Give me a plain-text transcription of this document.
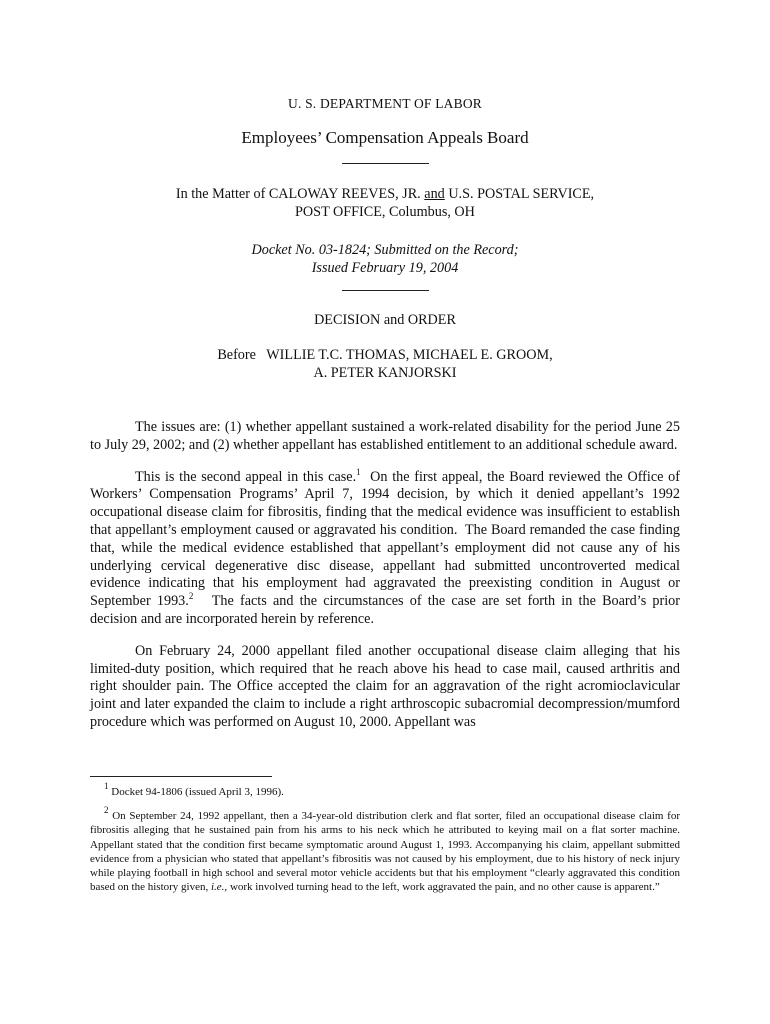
U. S. DEPARTMENT OF LABOR
Employees’ Compensation Appeals Board
In the Matter of CALOWAY REEVES, JR. and U.S. POSTAL SERVICE,
POST OFFICE, Columbus, OH
Docket No. 03-1824; Submitted on the Record;
Issued February 19, 2004
DECISION and ORDER
Before   WILLIE T.C. THOMAS, MICHAEL E. GROOM,
A. PETER KANJORSKI

The issues are: (1) whether appellant sustained a work-related disability for the period June 25 to July 29, 2002; and (2) whether appellant has established entitlement to an additional schedule award.

This is the second appeal in this case.$^1$  On the first appeal, the Board reviewed the Office of Workers’ Compensation Programs’ April 7, 1994 decision, by which it denied appellant’s 1992 occupational disease claim for fibrositis, finding that the medical evidence was insufficient to establish that appellant’s employment caused or aggravated his condition.  The Board remanded the case finding that, while the medical evidence established that appellant’s employment did not cause any of his underlying cervical degenerative disc disease, appellant had submitted uncontroverted medical evidence indicating that his employment had aggravated the preexisting condition in August or September 1993.$^2$   The facts and the circumstances of the case are set forth in the Board’s prior decision and are incorporated herein by reference.

On February 24, 2000 appellant filed another occupational disease claim alleging that his limited-duty position, which required that he reach above his head to case mail, caused arthritis and right shoulder pain. The Office accepted the claim for an aggravation of the right acromioclavicular joint and later expanded the claim to include a right arthroscopic subacromial decompression/mumford procedure which was performed on August 10, 2000. Appellant was

$^1$ Docket 94-1806 (issued April 3, 1996).

$^2$ On September 24, 1992 appellant, then a 34-year-old distribution clerk and flat sorter, filed an occupational disease claim for fibrositis alleging that he sustained pain from his arms to his neck which he attributed to keying mail on a flat sorter machine. Appellant stated that the condition first became symptomatic around August 1, 1993. Accompanying his claim, appellant submitted evidence from a physician who stated that appellant’s fibrositis was not caused by his employment, due to his history of neck injury while playing football in high school and several motor vehicle accidents but that his employment “clearly aggravated this condition based on the history given, i.e., work involved turning head to the left, work aggravated the pain, and no other cause is apparent.”
